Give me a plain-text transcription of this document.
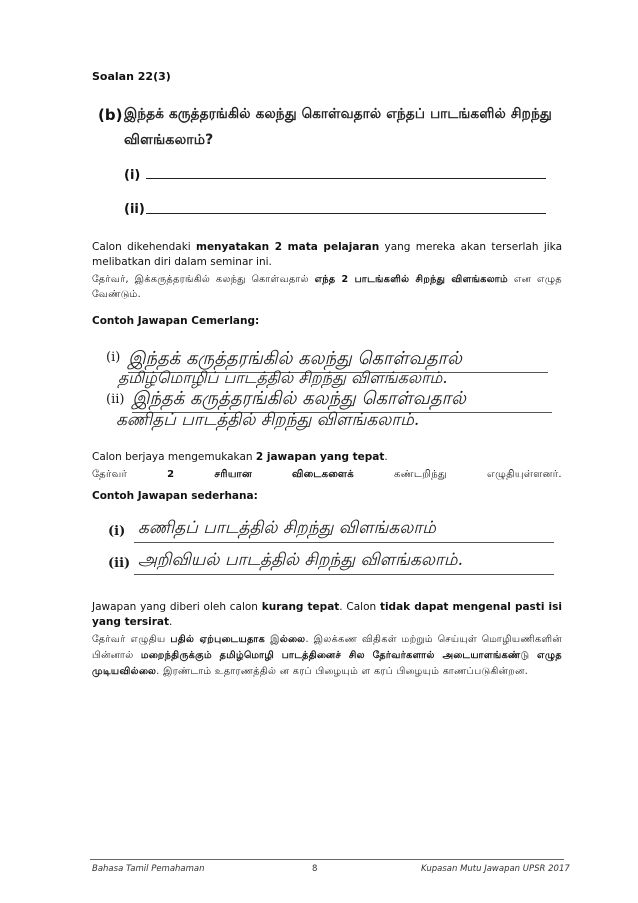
Soalan 22(3)
(b) இந்தக் கருத்தரங்கில் கலந்து கொள்வதால் எந்தப் பாடங்களில் சிறந்து
விளங்கலாம்?
(i)
(ii)
Calon dikehendaki menyatakan 2 mata pelajaran yang mereka akan terserlah jika melibatkan diri dalam seminar ini.
தேர்வர், இக்கருத்தரங்கில் கலந்து கொள்வதால் எந்த 2 பாடங்களில் சிறந்து விளங்கலாம் என எழுத வேண்டும்.
Contoh Jawapan Cemerlang:
(i) இந்தக் கருத்தரங்கில் கலந்து கொள்வதால்
தமிழ்மொழிப் பாடத்தில் சிறந்து விளங்கலாம்.
(ii) இந்தக் கருத்தரங்கில் கலந்து கொள்வதால்
கணிதப் பாடத்தில் சிறந்து விளங்கலாம்.
Calon berjaya mengemukakan 2 jawapan yang tepat.
தேர்வர்	2	சரியான	விடைகளைக்	கண்டறிந்து	எழுதியுள்ளனர்.
Contoh Jawapan sederhana:
(i) கணிதப் பாடத்தில் சிறந்து விளங்கலாம்
(ii) அறிவியல் பாடத்தில் சிறந்து விளங்கலாம்.
Jawapan yang diberi oleh calon kurang tepat. Calon tidak dapat mengenal pasti isi yang tersirat.
தேர்வர் எழுதிய பதில் ஏற்புடையதாக இல்லை. இலக்கண விதிகள் மற்றும் செய்யுள் மொழியணிகளின் பின்னால் மறைந்திருக்கும் தமிழ்மொழி பாடத்தினைச் சில தேர்வர்களால் அடையாளங்கண்டு எழுத முடியவில்லை. இரண்டாம் உதாரணத்தில் ன கரப் பிழையும் ள கரப் பிழையும் காணப்படுகின்றன.
Bahasa Tamil Pemahaman	8	Kupasan Mutu Jawapan UPSR 2017
